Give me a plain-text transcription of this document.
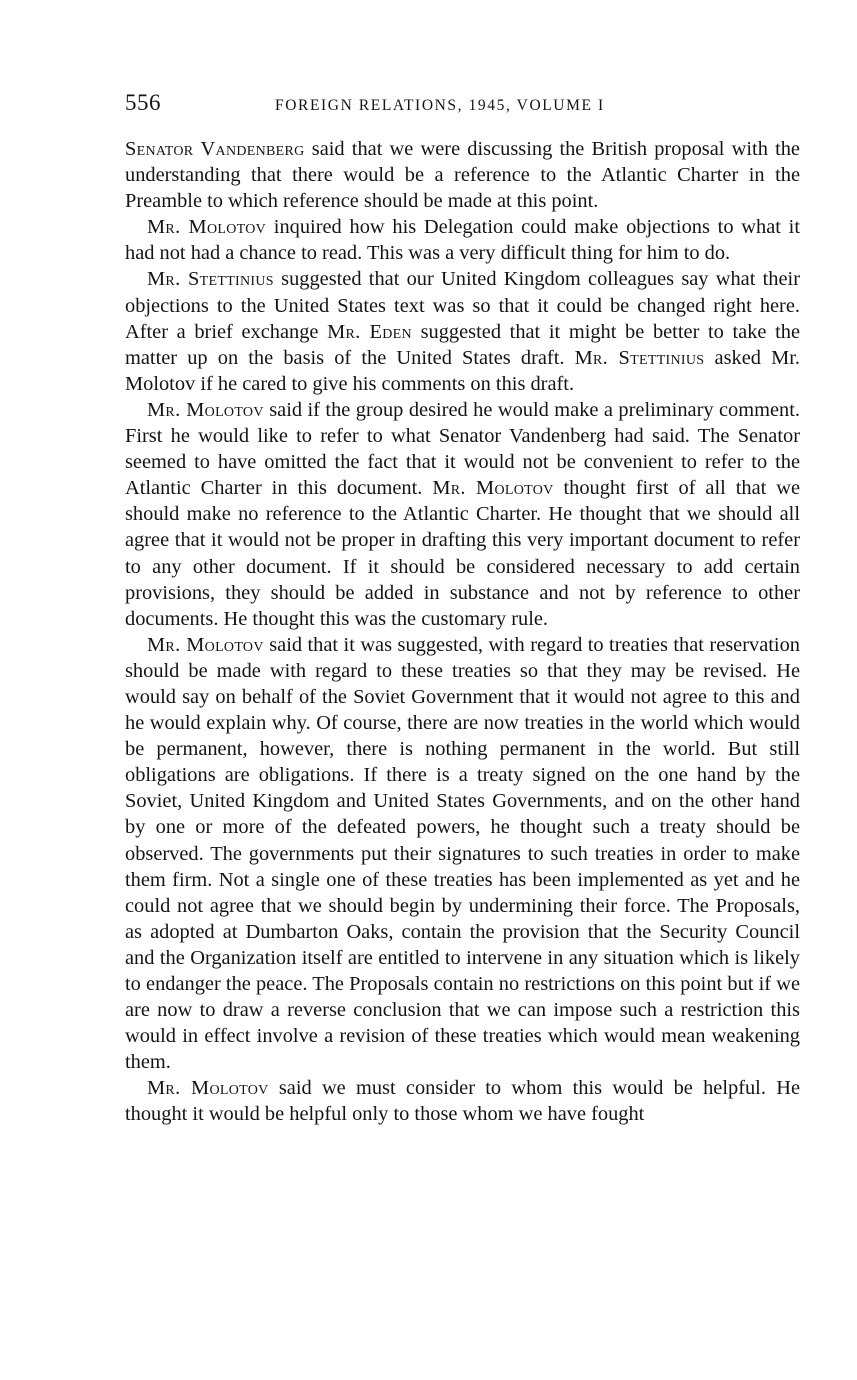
556	FOREIGN RELATIONS, 1945, VOLUME I

Senator Vandenberg said that we were discussing the British proposal with the understanding that there would be a reference to the Atlantic Charter in the Preamble to which reference should be made at this point.

Mr. Molotov inquired how his Delegation could make objections to what it had not had a chance to read. This was a very difficult thing for him to do.

Mr. Stettinius suggested that our United Kingdom colleagues say what their objections to the United States text was so that it could be changed right here. After a brief exchange Mr. Eden suggested that it might be better to take the matter up on the basis of the United States draft. Mr. Stettinius asked Mr. Molotov if he cared to give his comments on this draft.

Mr. Molotov said if the group desired he would make a preliminary comment. First he would like to refer to what Senator Vandenberg had said. The Senator seemed to have omitted the fact that it would not be convenient to refer to the Atlantic Charter in this document. Mr. Molotov thought first of all that we should make no reference to the Atlantic Charter. He thought that we should all agree that it would not be proper in drafting this very important document to refer to any other document. If it should be considered necessary to add certain provisions, they should be added in substance and not by reference to other documents. He thought this was the customary rule.

Mr. Molotov said that it was suggested, with regard to treaties that reservation should be made with regard to these treaties so that they may be revised. He would say on behalf of the Soviet Government that it would not agree to this and he would explain why. Of course, there are now treaties in the world which would be permanent, however, there is nothing permanent in the world. But still obligations are obligations. If there is a treaty signed on the one hand by the Soviet, United Kingdom and United States Governments, and on the other hand by one or more of the defeated powers, he thought such a treaty should be observed. The governments put their signatures to such treaties in order to make them firm. Not a single one of these treaties has been implemented as yet and he could not agree that we should begin by undermining their force. The Proposals, as adopted at Dumbarton Oaks, contain the provision that the Security Council and the Organization itself are entitled to intervene in any situation which is likely to endanger the peace. The Proposals contain no restrictions on this point but if we are now to draw a reverse conclusion that we can impose such a restriction this would in effect involve a revision of these treaties which would mean weakening them.

Mr. Molotov said we must consider to whom this would be helpful. He thought it would be helpful only to those whom we have fought
